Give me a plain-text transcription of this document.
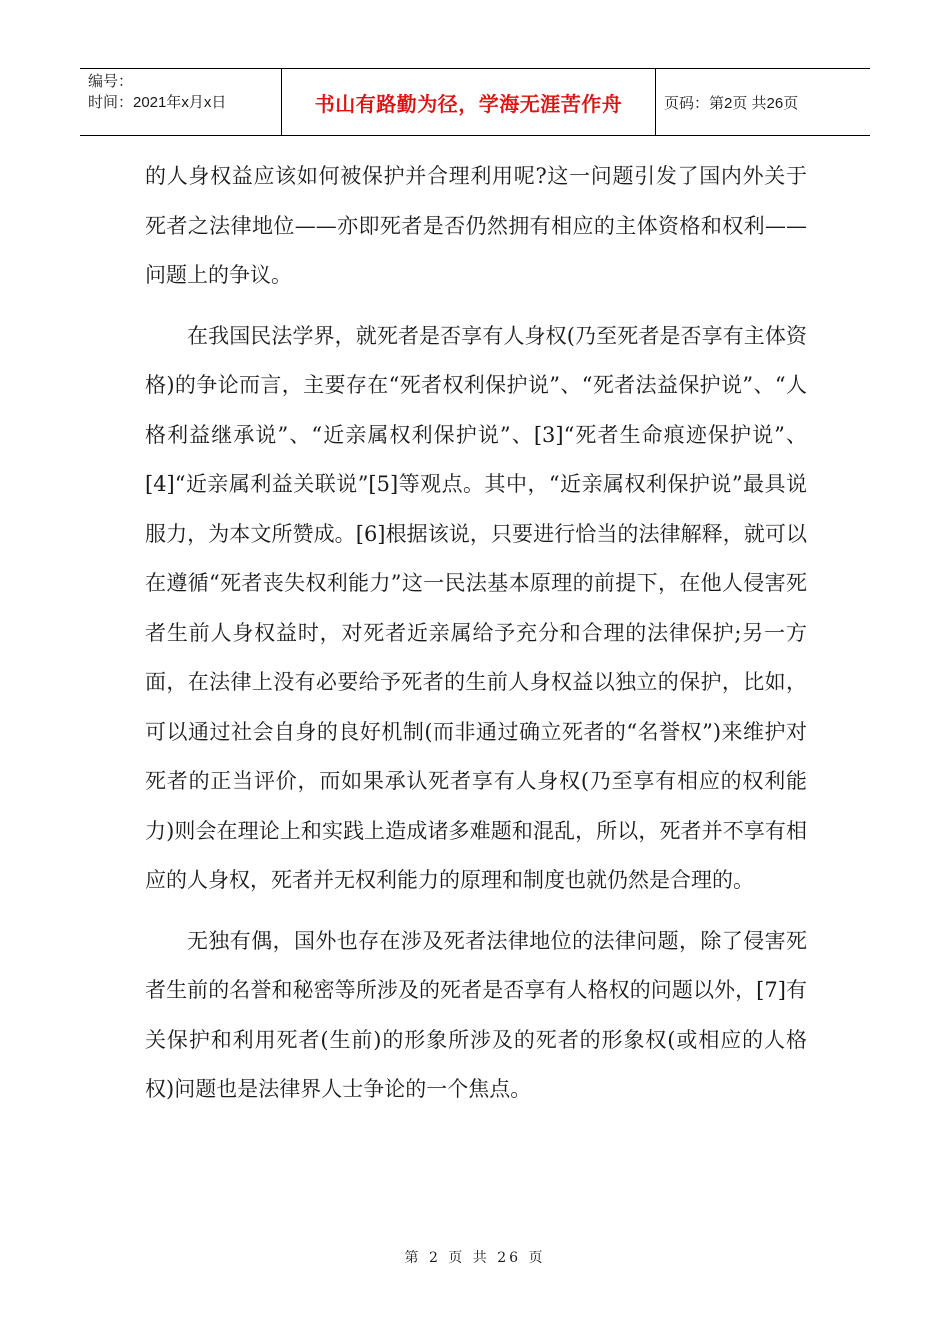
编号：
时间：2021年x月x日	书山有路勤为径，学海无涯苦作舟	页码：第2页 共26页

的人身权益应该如何被保护并合理利用呢?这一问题引发了国内外关于死者之法律地位——亦即死者是否仍然拥有相应的主体资格和权利——问题上的争议。

在我国民法学界，就死者是否享有人身权(乃至死者是否享有主体资格)的争论而言，主要存在“死者权利保护说”、“死者法益保护说”、“人格利益继承说”、“近亲属权利保护说”、[3]“死者生命痕迹保护说”、[4]“近亲属利益关联说”[5]等观点。其中，“近亲属权利保护说”最具说服力，为本文所赞成。[6]根据该说，只要进行恰当的法律解释，就可以在遵循“死者丧失权利能力”这一民法基本原理的前提下，在他人侵害死者生前人身权益时，对死者近亲属给予充分和合理的法律保护;另一方面，在法律上没有必要给予死者的生前人身权益以独立的保护，比如，可以通过社会自身的良好机制(而非通过确立死者的“名誉权”)来维护对死者的正当评价，而如果承认死者享有人身权(乃至享有相应的权利能力)则会在理论上和实践上造成诸多难题和混乱，所以，死者并不享有相应的人身权，死者并无权利能力的原理和制度也就仍然是合理的。

无独有偶，国外也存在涉及死者法律地位的法律问题，除了侵害死者生前的名誉和秘密等所涉及的死者是否享有人格权的问题以外，[7]有关保护和利用死者(生前)的形象所涉及的死者的形象权(或相应的人格权)问题也是法律界人士争论的一个焦点。

第 2 页 共 26 页
